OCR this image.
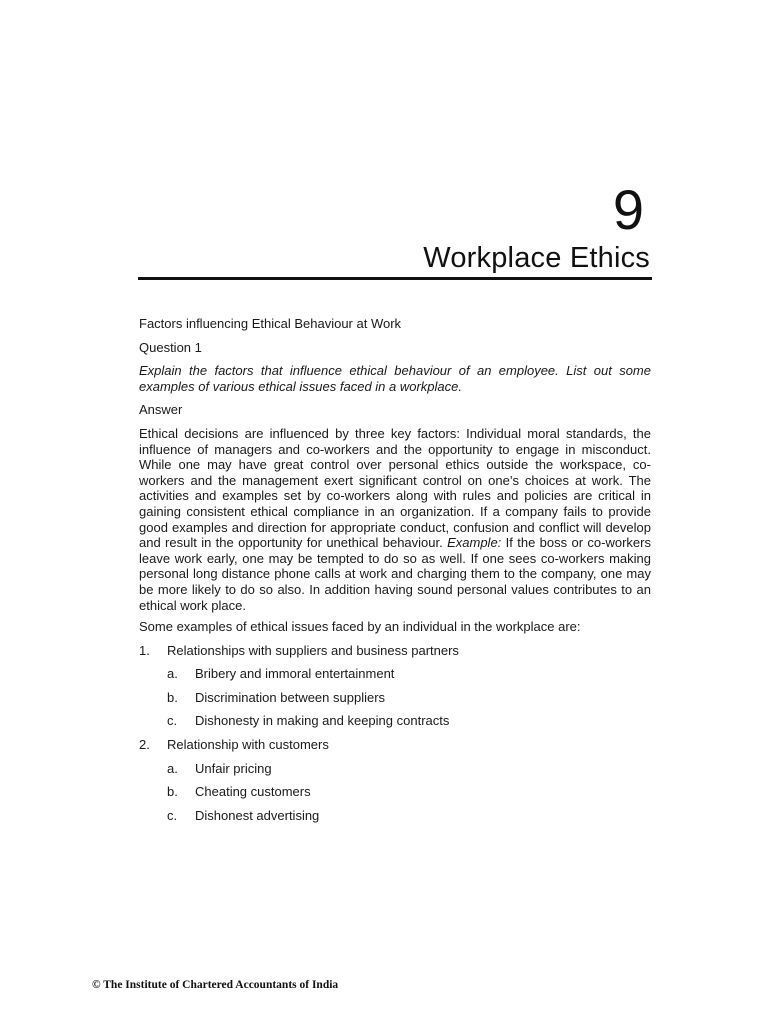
9
Workplace Ethics

Factors influencing Ethical Behaviour at Work

Question 1

Explain the factors that influence ethical behaviour of an employee. List out some examples of various ethical issues faced in a workplace.

Answer

Ethical decisions are influenced by three key factors: Individual moral standards, the influence of managers and co-workers and the opportunity to engage in misconduct. While one may have great control over personal ethics outside the workspace, co-workers and the management exert significant control on one’s choices at work. The activities and examples set by co-workers along with rules and policies are critical in gaining consistent ethical compliance in an organization. If a company fails to provide good examples and direction for appropriate conduct, confusion and conflict will develop and result in the opportunity for unethical behaviour. Example: If the boss or co-workers leave work early, one may be tempted to do so as well. If one sees co-workers making personal long distance phone calls at work and charging them to the company, one may be more likely to do so also. In addition having sound personal values contributes to an ethical work place.

Some examples of ethical issues faced by an individual in the workplace are:

1.	Relationships with suppliers and business partners
a.	Bribery and immoral entertainment
b.	Discrimination between suppliers
c.	Dishonesty in making and keeping contracts
2.	Relationship with customers
a.	Unfair pricing
b.	Cheating customers
c.	Dishonest advertising
© The Institute of Chartered Accountants of India
